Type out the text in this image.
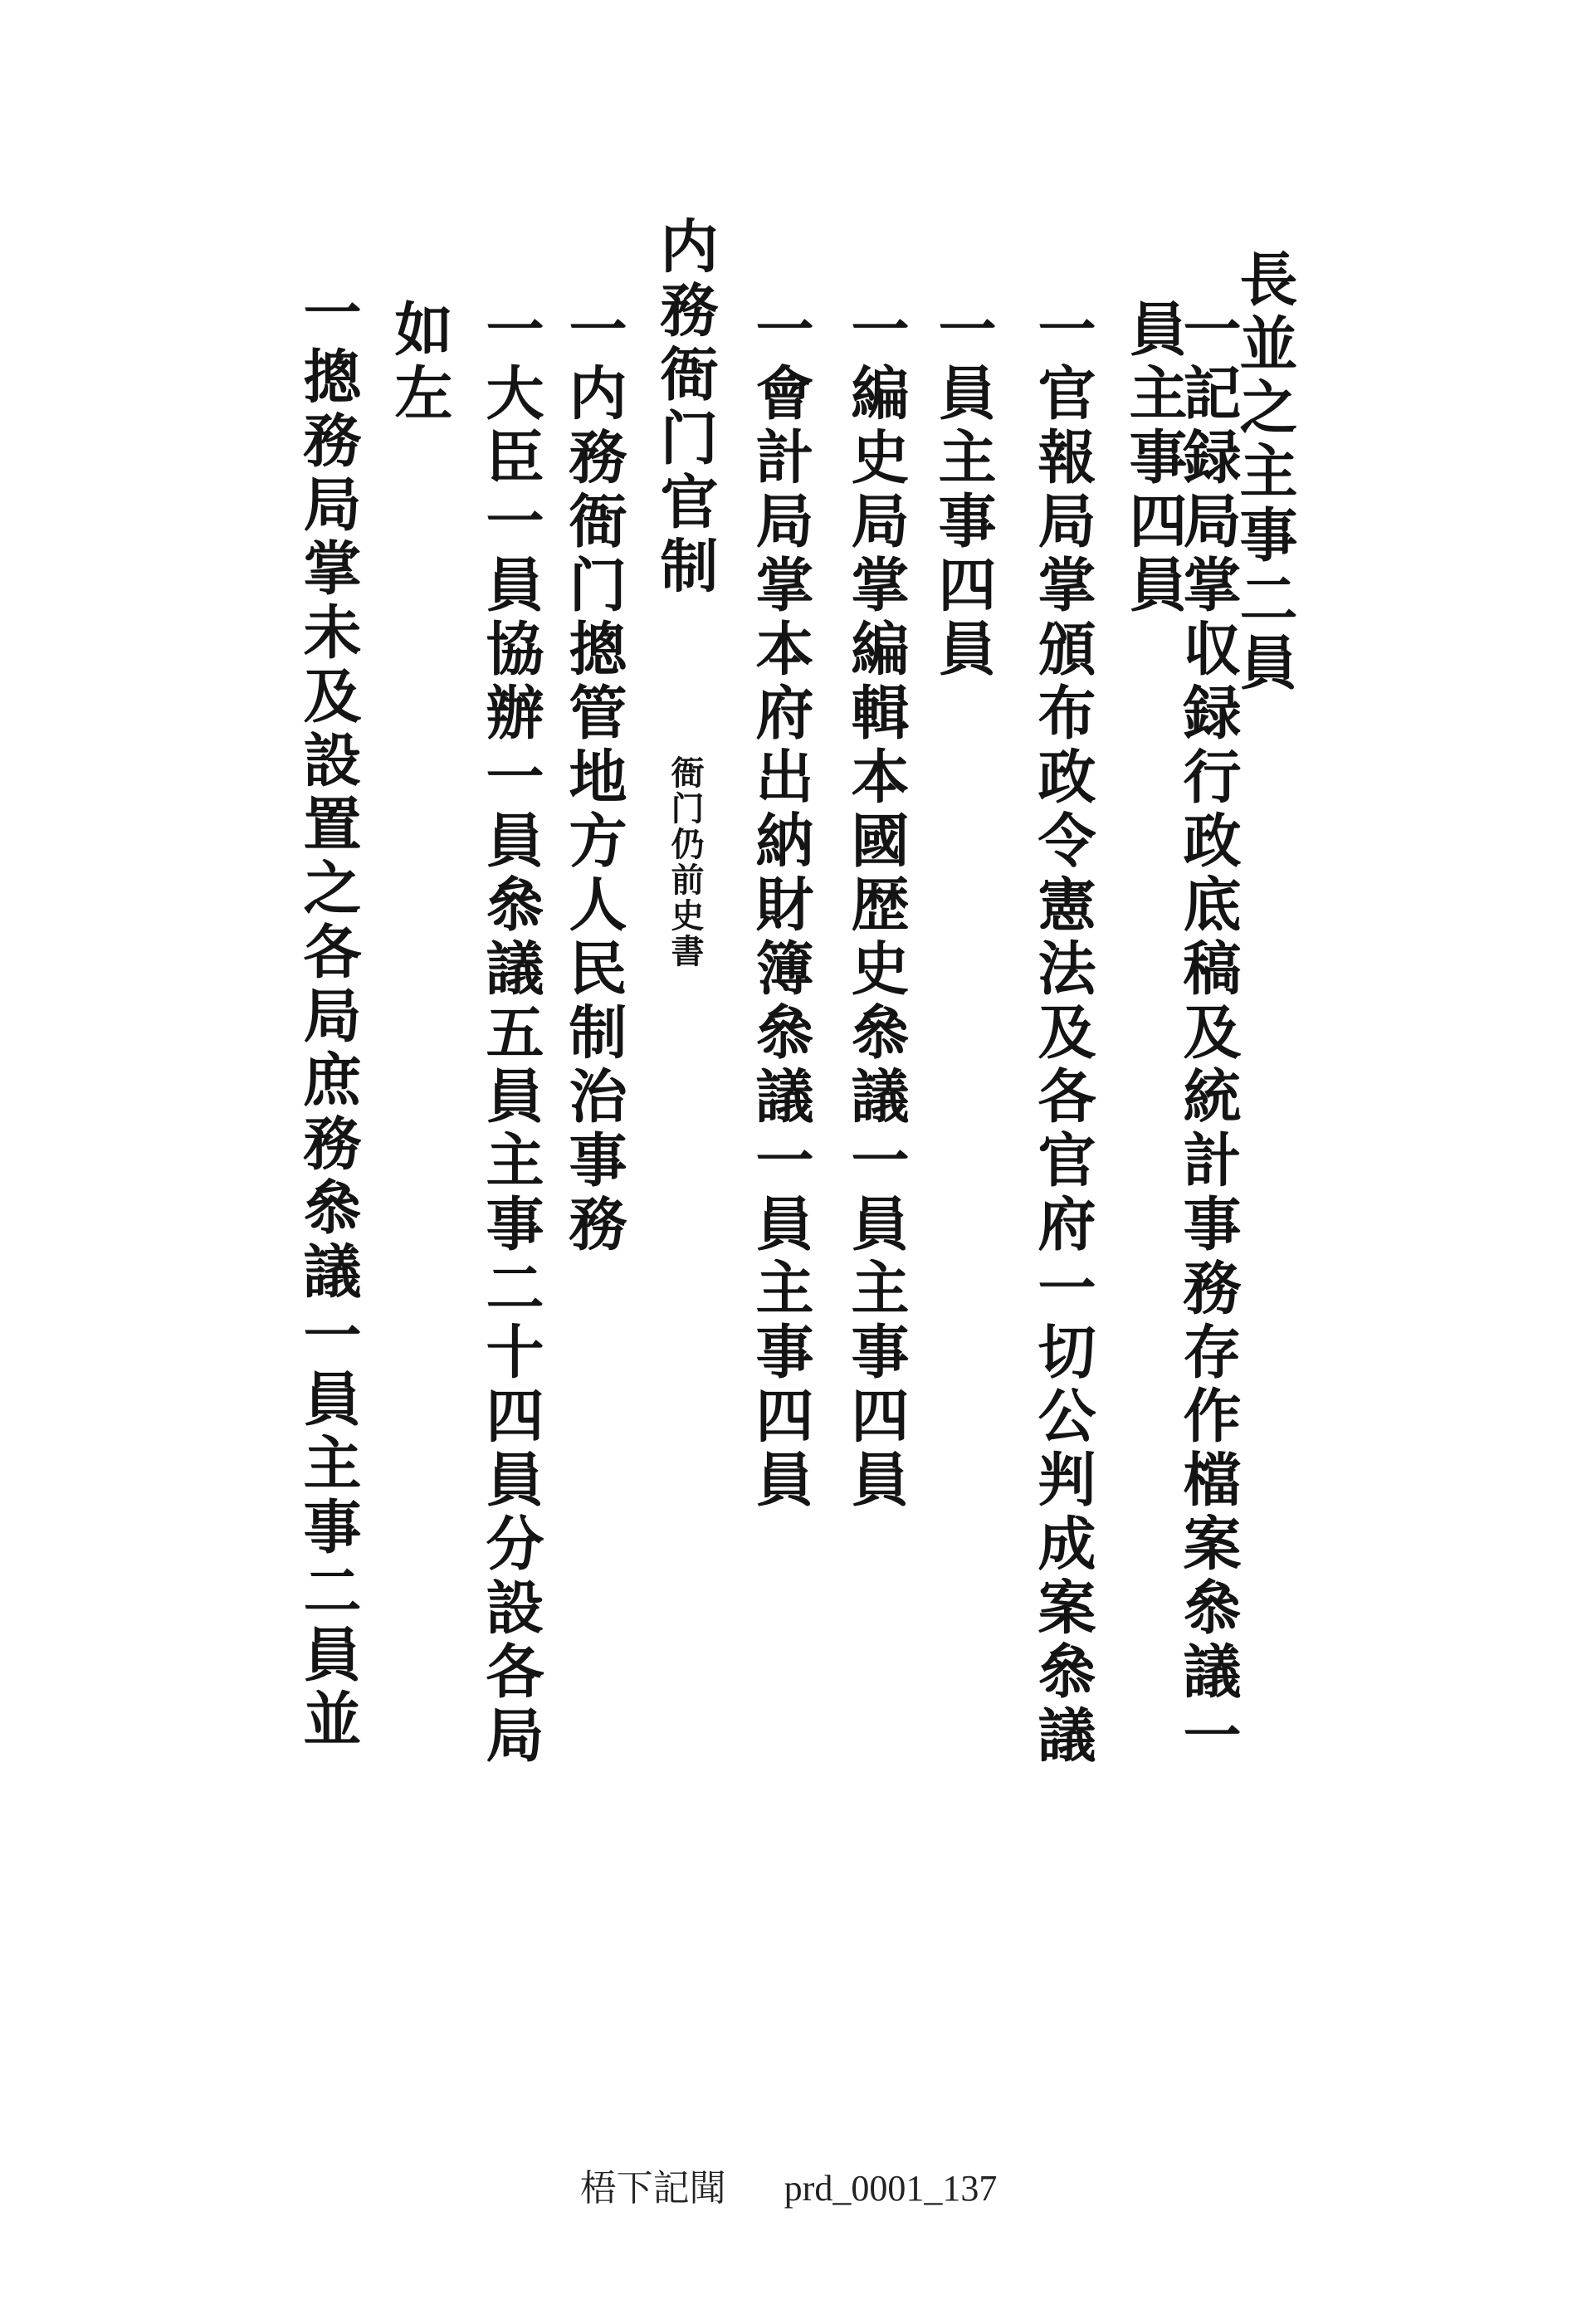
長並之主事二員
一記録局掌収録行政底稿及統計事務存作檔案叅議一
員主事四員
一官報局掌頒布政令憲法及各官府一切公判成案叅議
一員主事四員
一編史局掌編輯本國歴史叅議一員主事四員
一會計局掌本府出納財簿叅議一員主事四員
衙门仍前史書
内務衙门官制
一内務衙门摠管地方人民制治事務
一大臣一員協辦一員叅議五員主事二十四員分設各局
如左
一摠務局掌未及設置之各局庶務叅議一員主事二員並
梧下記聞 prd_0001_137
